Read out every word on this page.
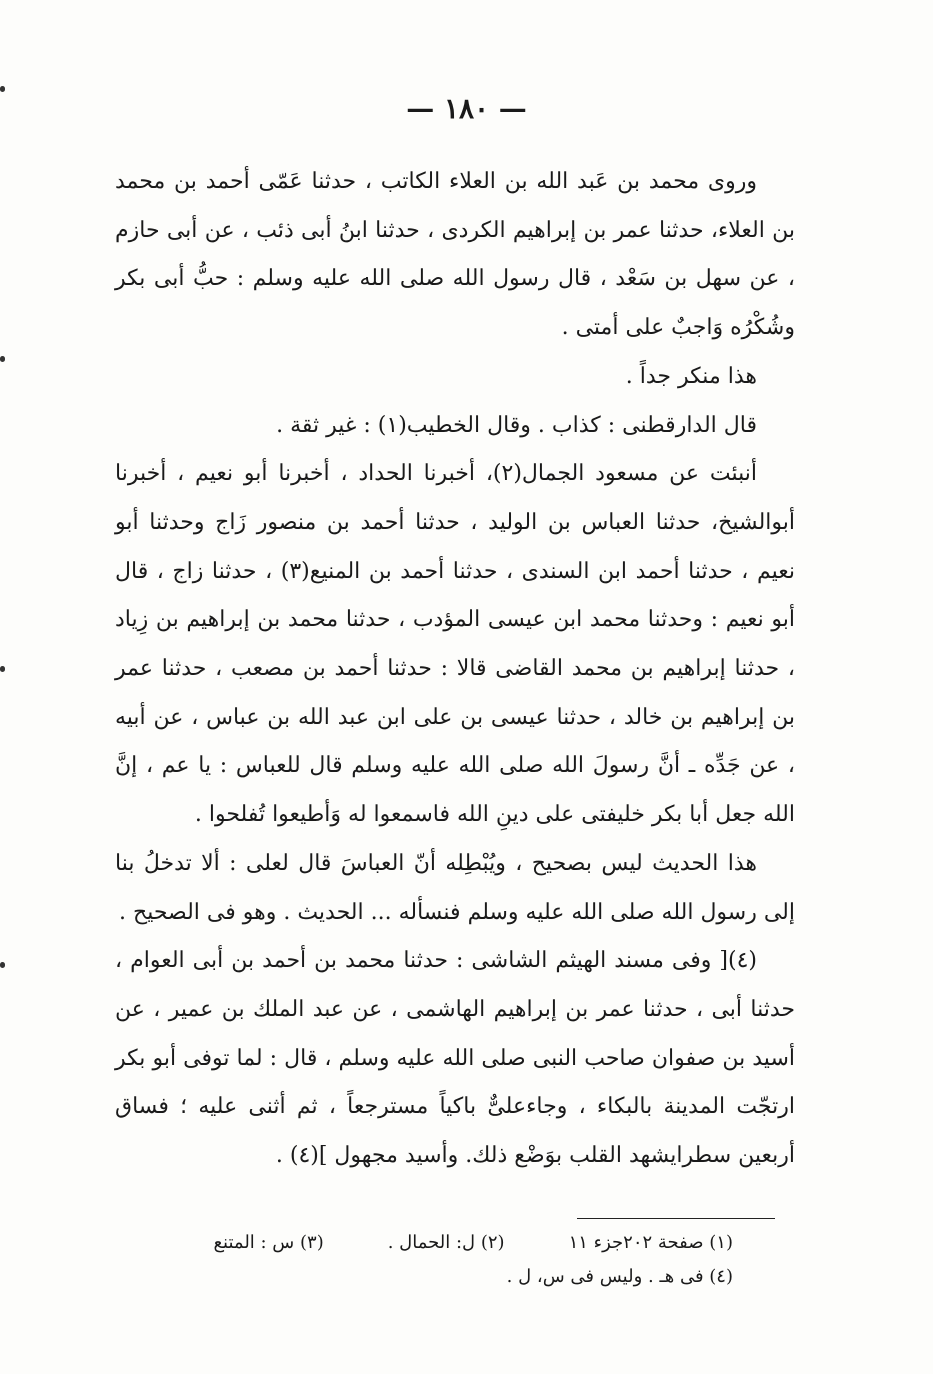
— ١٨٠ —

وروى محمد بن عَبد الله بن العلاء الكاتب ، حدثنا عَمّى أحمد بن محمد بن العلاء، حدثنا عمر بن إبراهيم الكردى ، حدثنا ابنُ أبى ذئب ، عن أبى حازم ، عن سهل بن سَعْد ، قال رسول الله صلى الله عليه وسلم : حبُّ أبى بكر وشُكْرُه وَاجبٌ على أمتى .

هذا منكر جداً .

قال الدارقطنى : كذاب . وقال الخطيب(١) : غير ثقة .

أنبئت عن مسعود الجمال(٢)، أخبرنا الحداد ، أخبرنا أبو نعيم ، أخبرنا أبوالشيخ، حدثنا العباس بن الوليد ، حدثنا أحمد بن منصور زَاج وحدثنا أبو نعيم ، حدثنا أحمد ابن السندى ، حدثنا أحمد بن المنيع(٣) ، حدثنا زاج ، قال أبو نعيم : وحدثنا محمد ابن عيسى المؤدب ، حدثنا محمد بن إبراهيم بن زِياد ، حدثنا إبراهيم بن محمد القاضى قالا : حدثنا أحمد بن مصعب ، حدثنا عمر بن إبراهيم بن خالد ، حدثنا عيسى بن على ابن عبد الله بن عباس ، عن أبيه ، عن جَدِّه ـ أنَّ رسولَ الله صلى الله عليه وسلم قال للعباس : يا عم ، إنَّ الله جعل أبا بكر خليفتى على دينِ الله فاسمعوا له وَأطيعوا تُفلحوا .

هذا الحديث ليس بصحيح ، ويُبْطِله أنّ العباسَ قال لعلى : ألا تدخلُ بنا إلى رسول الله صلى الله عليه وسلم فنسأله ... الحديث . وهو فى الصحيح .

(٤)[ وفى مسند الهيثم الشاشى : حدثنا محمد بن أحمد بن أبى العوام ، حدثنا أبى ، حدثنا عمر بن إبراهيم الهاشمى ، عن عبد الملك بن عمير ، عن أسيد بن صفوان صاحب النبى صلى الله عليه وسلم ، قال : لما توفى أبو بكر ارتجّت المدينة بالبكاء ، وجاءعلىٌّ باكياً مسترجعاً ، ثم أثنى عليه ؛ فساق أربعين سطرايشهد القلب بوَضْع ذلك. وأسيد مجهول ](٤) .

(١) صفحة ٢٠٢جزء ١١
(٢) ل: الحمال .
(٣) س : المتنع
(٤) فى هـ . وليس فى س، ل .
